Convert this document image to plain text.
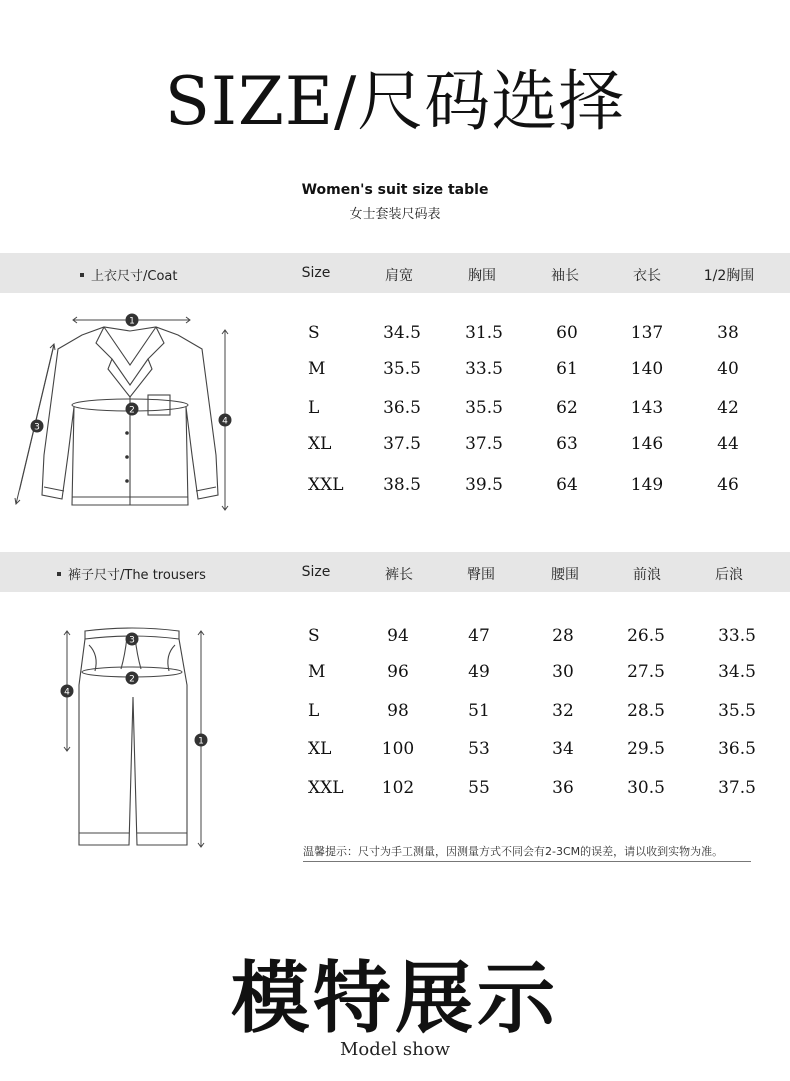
SIZE/尺码选择
Women's suit size table
女士套装尺码表
上衣尺寸/Coat	Size	肩宽	胸围	袖长	衣长	1/2胸围
S	34.5	31.5	60	137	38
M	35.5	33.5	61	140	40
L	36.5	35.5	62	143	42
XL	37.5	37.5	63	146	44
XXL	38.5	39.5	64	149	46
1
2
3
4
裤子尺寸/The trousers	Size	裤长	臀围	腰围	前浪	后浪
S	94	47	28	26.5	33.5
M	96	49	30	27.5	34.5
L	98	51	32	28.5	35.5
XL	100	53	34	29.5	36.5
XXL	102	55	36	30.5	37.5
3
2
4
1
温馨提示：尺寸为手工测量，因测量方式不同会有2-3CM的误差，请以收到实物为准。
模特展示
Model show
